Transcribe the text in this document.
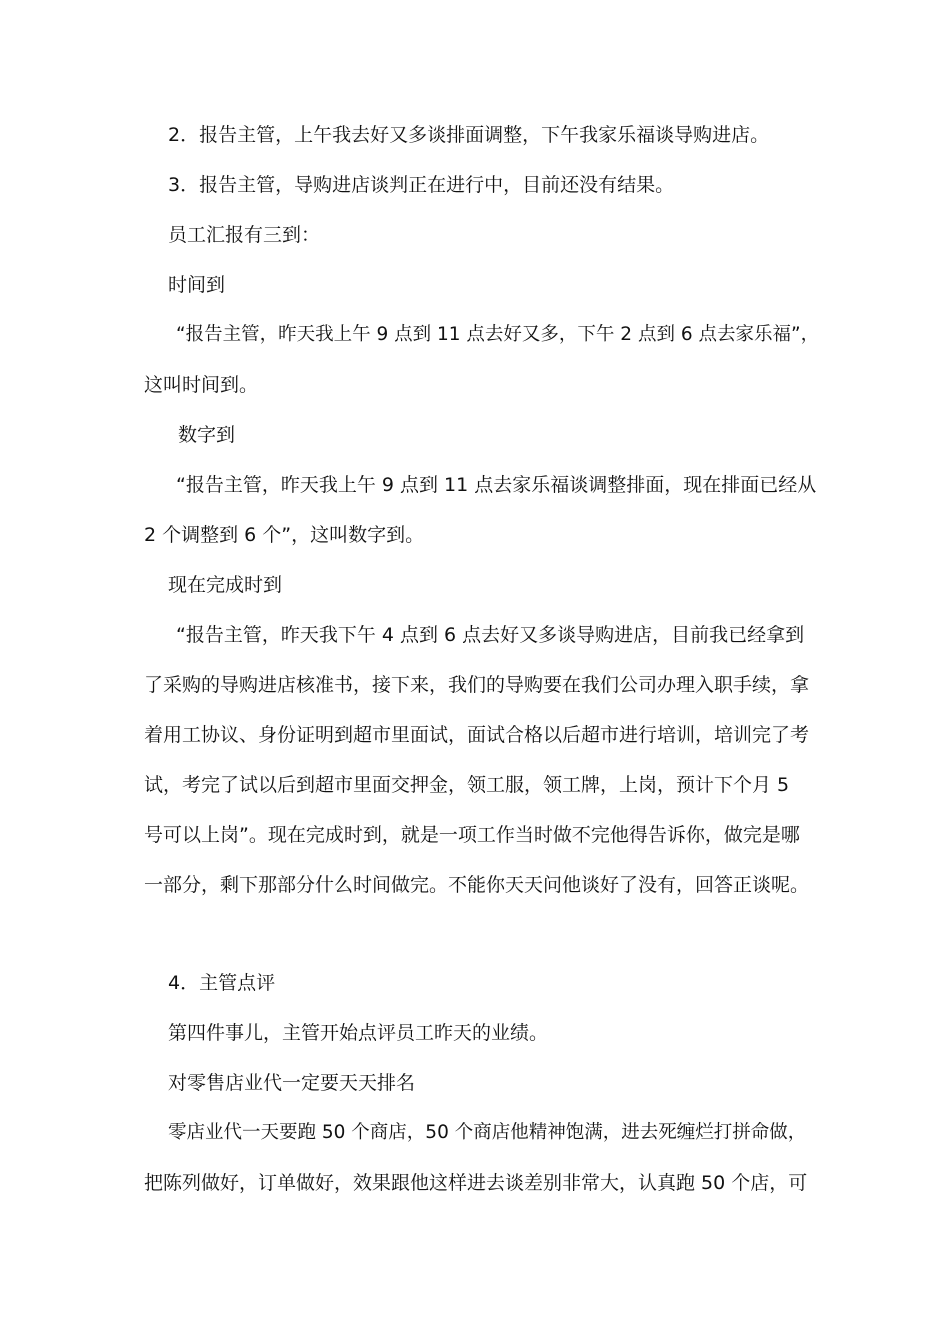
2．报告主管，上午我去好又多谈排面调整，下午我家乐福谈导购进店。
3．报告主管，导购进店谈判正在进行中，目前还没有结果。
员工汇报有三到：
时间到
“报告主管，昨天我上午 9 点到 11 点去好又多，下午 2 点到 6 点去家乐福”，
这叫时间到。
数字到
“报告主管，昨天我上午 9 点到 11 点去家乐福谈调整排面，现在排面已经从
2 个调整到 6 个”，这叫数字到。
现在完成时到
“报告主管，昨天我下午 4 点到 6 点去好又多谈导购进店，目前我已经拿到
了采购的导购进店核准书，接下来，我们的导购要在我们公司办理入职手续，拿
着用工协议、身份证明到超市里面试，面试合格以后超市进行培训，培训完了考
试，考完了试以后到超市里面交押金，领工服，领工牌，上岗，预计下个月 5
号可以上岗”。现在完成时到，就是一项工作当时做不完他得告诉你，做完是哪
一部分，剩下那部分什么时间做完。不能你天天问他谈好了没有，回答正谈呢。
4．主管点评
第四件事儿，主管开始点评员工昨天的业绩。
对零售店业代一定要天天排名
零店业代一天要跑 50 个商店，50 个商店他精神饱满，进去死缠烂打拼命做，
把陈列做好，订单做好，效果跟他这样进去谈差别非常大，认真跑 50 个店，可
